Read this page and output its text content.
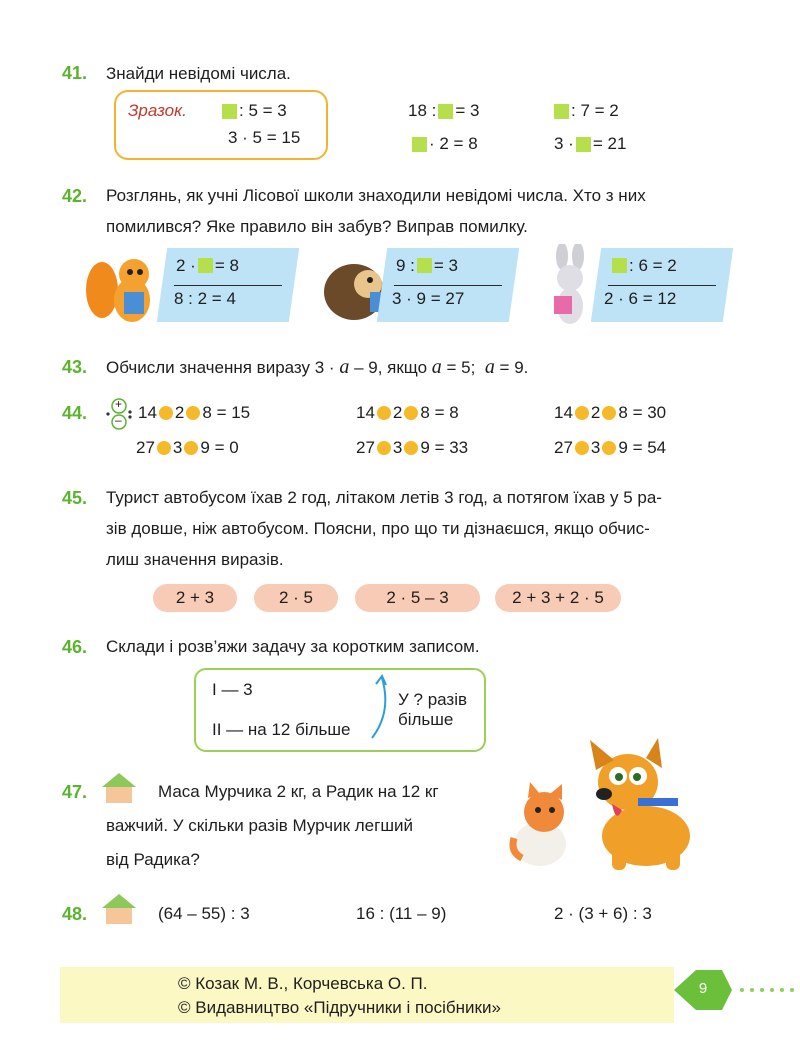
41. Знайди невідомі числа.
Зразок.	: 5 = 3
3 · 5 = 15
18 : = 3	: 7 = 2
· 2 = 8	3 · = 21
42. Розглянь, як учні Лісової школи знаходили невідомі числа. Хто з них
помилився? Яке правило він забув? Виправ помилку.
2 · = 8
8 : 2 = 4
9 : = 3
3 · 9 = 27
: 6 = 2
2 · 6 = 12
43. Обчисли значення виразу 3 ·
a
– 9, якщо
a
= 5;
a
= 9.
44. +
– 14 2 8 = 15	14 2 8 = 8	14 2 8 = 30
27 3 9 = 0	27 3 9 = 33	27 3 9 = 54
45. Турист автобусом їхав 2 год, літаком летів 3 год, а потягом їхав у 5 ра-
зів довше, ніж автобусом. Поясни, про що ти дізнаєшся, якщо обчис-
лиш значення виразів.
2 + 3	2 · 5	2 · 5 – 3	2 + 3 + 2 · 5
46. Склади і розв’яжи задачу за коротким записом.
І — 3
ІІ — на 12 більше
У ? разів
більше
47.	Маса Мурчика 2 кг, а Радик на 12 кг
важчий. У скільки разів Мурчик легший
від Радика?
48.	(64 – 55) : 3	16 : (11 – 9)	2 · (3 + 6) : 3
© Козак М. В., Корчевська О. П.
© Видавництво «Підручники і посібники»
9
